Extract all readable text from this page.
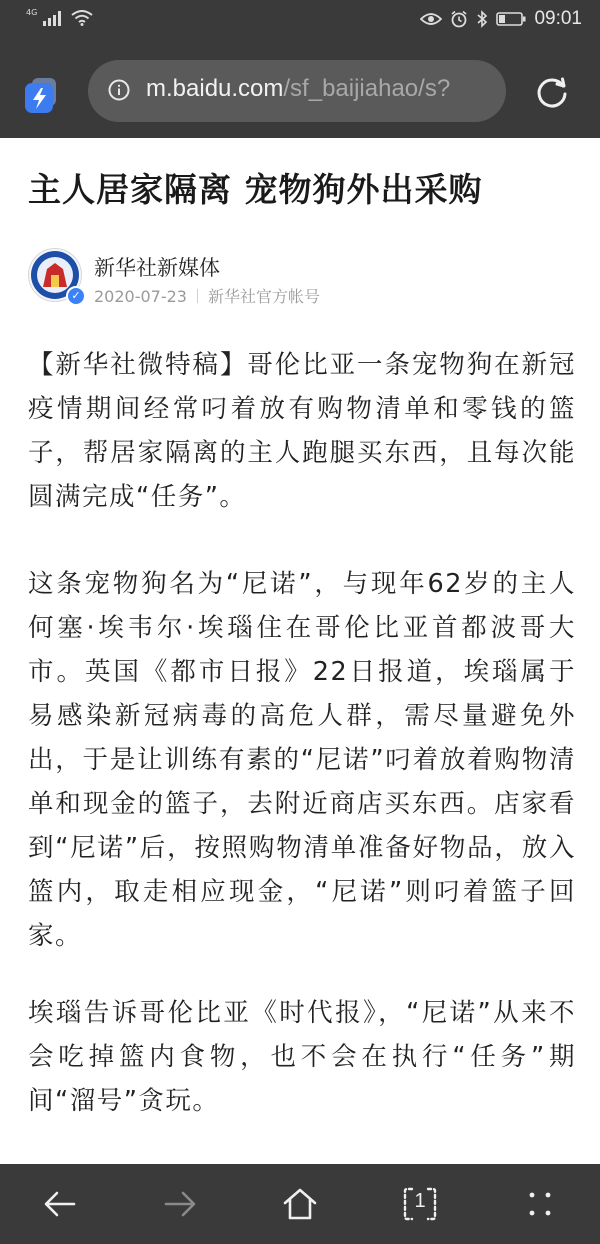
4G	09:01
m.baidu.com/sf_baijiahao/s?
主人居家隔离 宠物狗外出采购
✓
新华社新媒体
2020-07-23 新华社官方帐号

【新华社微特稿】哥伦比亚一条宠物狗在新冠疫情期间经常叼着放有购物清单和零钱的篮子，帮居家隔离的主人跑腿买东西，且每次能圆满完成“任务”。

这条宠物狗名为“尼诺”，与现年62岁的主人何塞·埃韦尔·埃瑙住在哥伦比亚首都波哥大市。英国《都市日报》22日报道，埃瑙属于易感染新冠病毒的高危人群，需尽量避免外出，于是让训练有素的“尼诺”叼着放着购物清单和现金的篮子，去附近商店买东西。店家看到“尼诺”后，按照购物清单准备好物品，放入篮内，取走相应现金，“尼诺”则叼着篮子回家。

埃瑙告诉哥伦比亚《时代报》，“尼诺”从来不会吃掉篮内食物，也不会在执行“任务”期间“溜号”贪玩。

1
